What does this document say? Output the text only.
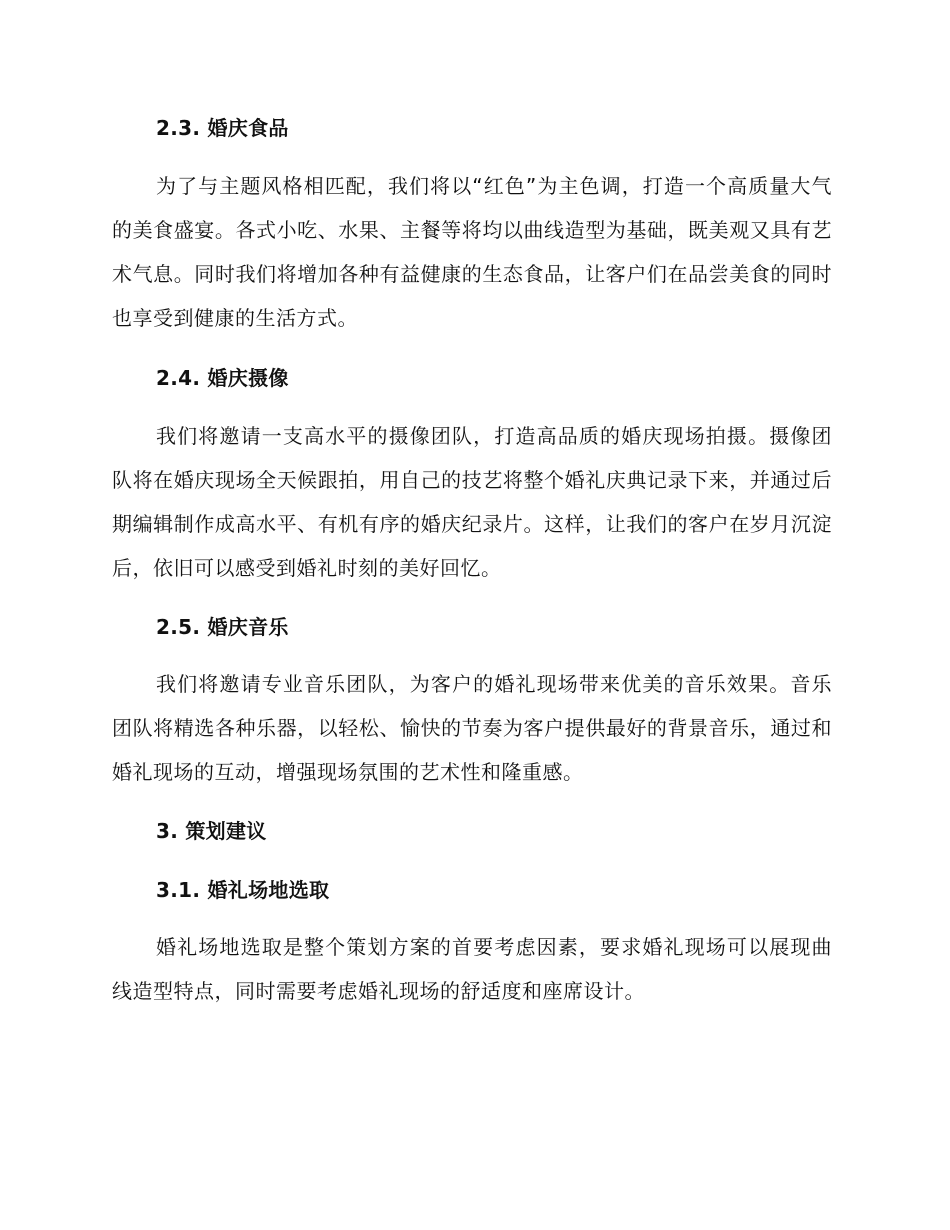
2.3. 婚庆食品

为了与主题风格相匹配，我们将以“红色”为主色调，打造一个高质量大气的美食盛宴。各式小吃、水果、主餐等将均以曲线造型为基础，既美观又具有艺术气息。同时我们将增加各种有益健康的生态食品，让客户们在品尝美食的同时也享受到健康的生活方式。

2.4. 婚庆摄像

我们将邀请一支高水平的摄像团队，打造高品质的婚庆现场拍摄。摄像团队将在婚庆现场全天候跟拍，用自己的技艺将整个婚礼庆典记录下来，并通过后期编辑制作成高水平、有机有序的婚庆纪录片。这样，让我们的客户在岁月沉淀后，依旧可以感受到婚礼时刻的美好回忆。

2.5. 婚庆音乐

我们将邀请专业音乐团队，为客户的婚礼现场带来优美的音乐效果。音乐团队将精选各种乐器，以轻松、愉快的节奏为客户提供最好的背景音乐，通过和婚礼现场的互动，增强现场氛围的艺术性和隆重感。

3. 策划建议
3.1. 婚礼场地选取

婚礼场地选取是整个策划方案的首要考虑因素，要求婚礼现场可以展现曲线造型特点，同时需要考虑婚礼现场的舒适度和座席设计。
